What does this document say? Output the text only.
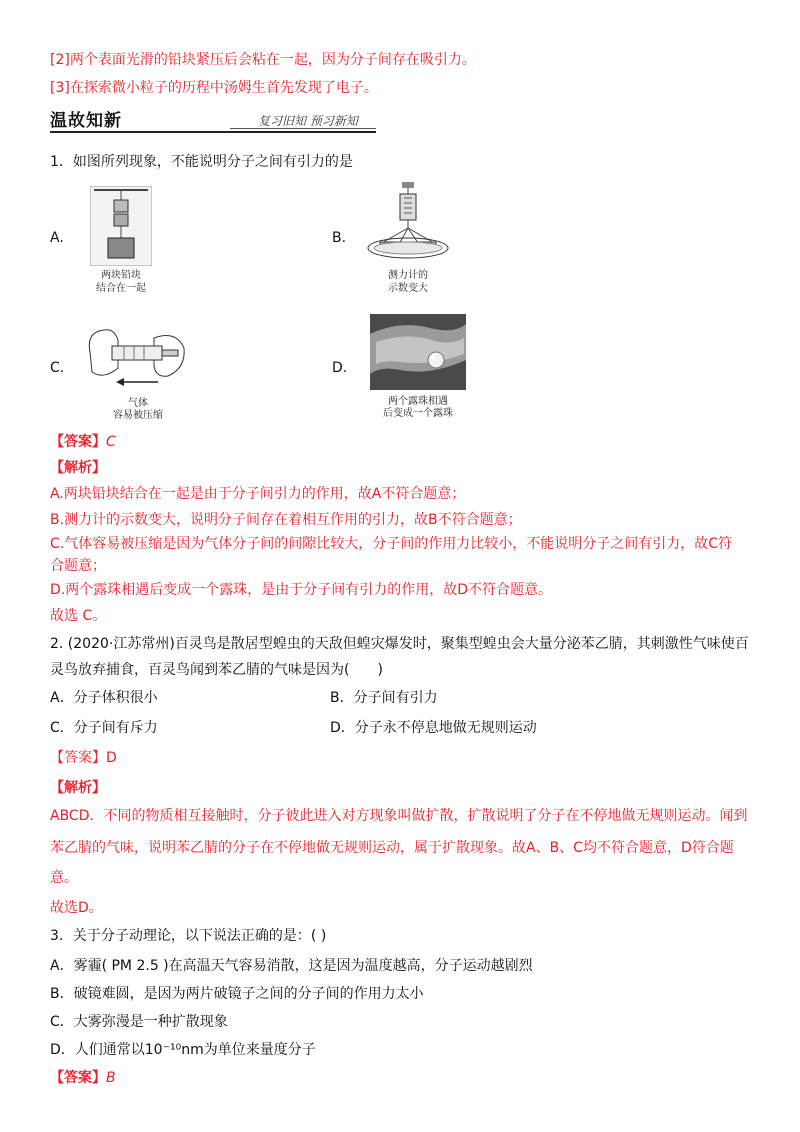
[2]两个表面光滑的铅块紧压后会粘在一起，因为分子间存在吸引力。
[3]在探索微小粒子的历程中汤姆生首先发现了电子。
温故知新	复习旧知 预习新知
1．如图所列现象，不能说明分子之间有引力的是
A.
两块铅块
结合在一起
B.
测力计的
示数变大
C.
气体
容易被压缩
D.
两个露珠相遇
后变成一个露珠
【答案】C
【解析】
A.两块铅块结合在一起是由于分子间引力的作用，故A不符合题意；
B.测力计的示数变大，说明分子间存在着相互作用的引力，故B不符合题意；
C.气体容易被压缩是因为气体分子间的间隙比较大，分子间的作用力比较小，不能说明分子之间有引力，故C符
合题意；
D.两个露珠相遇后变成一个露珠，是由于分子间有引力的作用，故D不符合题意。
故选 C。
2. (2020·江苏常州)百灵鸟是散居型蝗虫的天敌但蝗灾爆发时，聚集型蝗虫会大量分泌苯乙腈，其刺激性气味使百
灵鸟放弃捕食，百灵鸟闻到苯乙腈的气味是因为(　　)
A．分子体积很小	B．分子间有引力
C．分子间有斥力	D．分子永不停息地做无规则运动
【答案】D
【解析】
ABCD．不同的物质相互接触时，分子彼此进入对方现象叫做扩散，扩散说明了分子在不停地做无规则运动。闻到
苯乙腈的气味，说明苯乙腈的分子在不停地做无规则运动，属于扩散现象。故A、B、C均不符合题意，D符合题
意。
故选D。
3．关于分子动理论，以下说法正确的是：( )
A．雾霾( PM 2.5 )在高温天气容易消散，这是因为温度越高，分子运动越剧烈
B．破镜难圆，是因为两片破镜子之间的分子间的作用力太小
C．大雾弥漫是一种扩散现象
D．人们通常以10⁻¹⁰nm为单位来量度分子
【答案】B
